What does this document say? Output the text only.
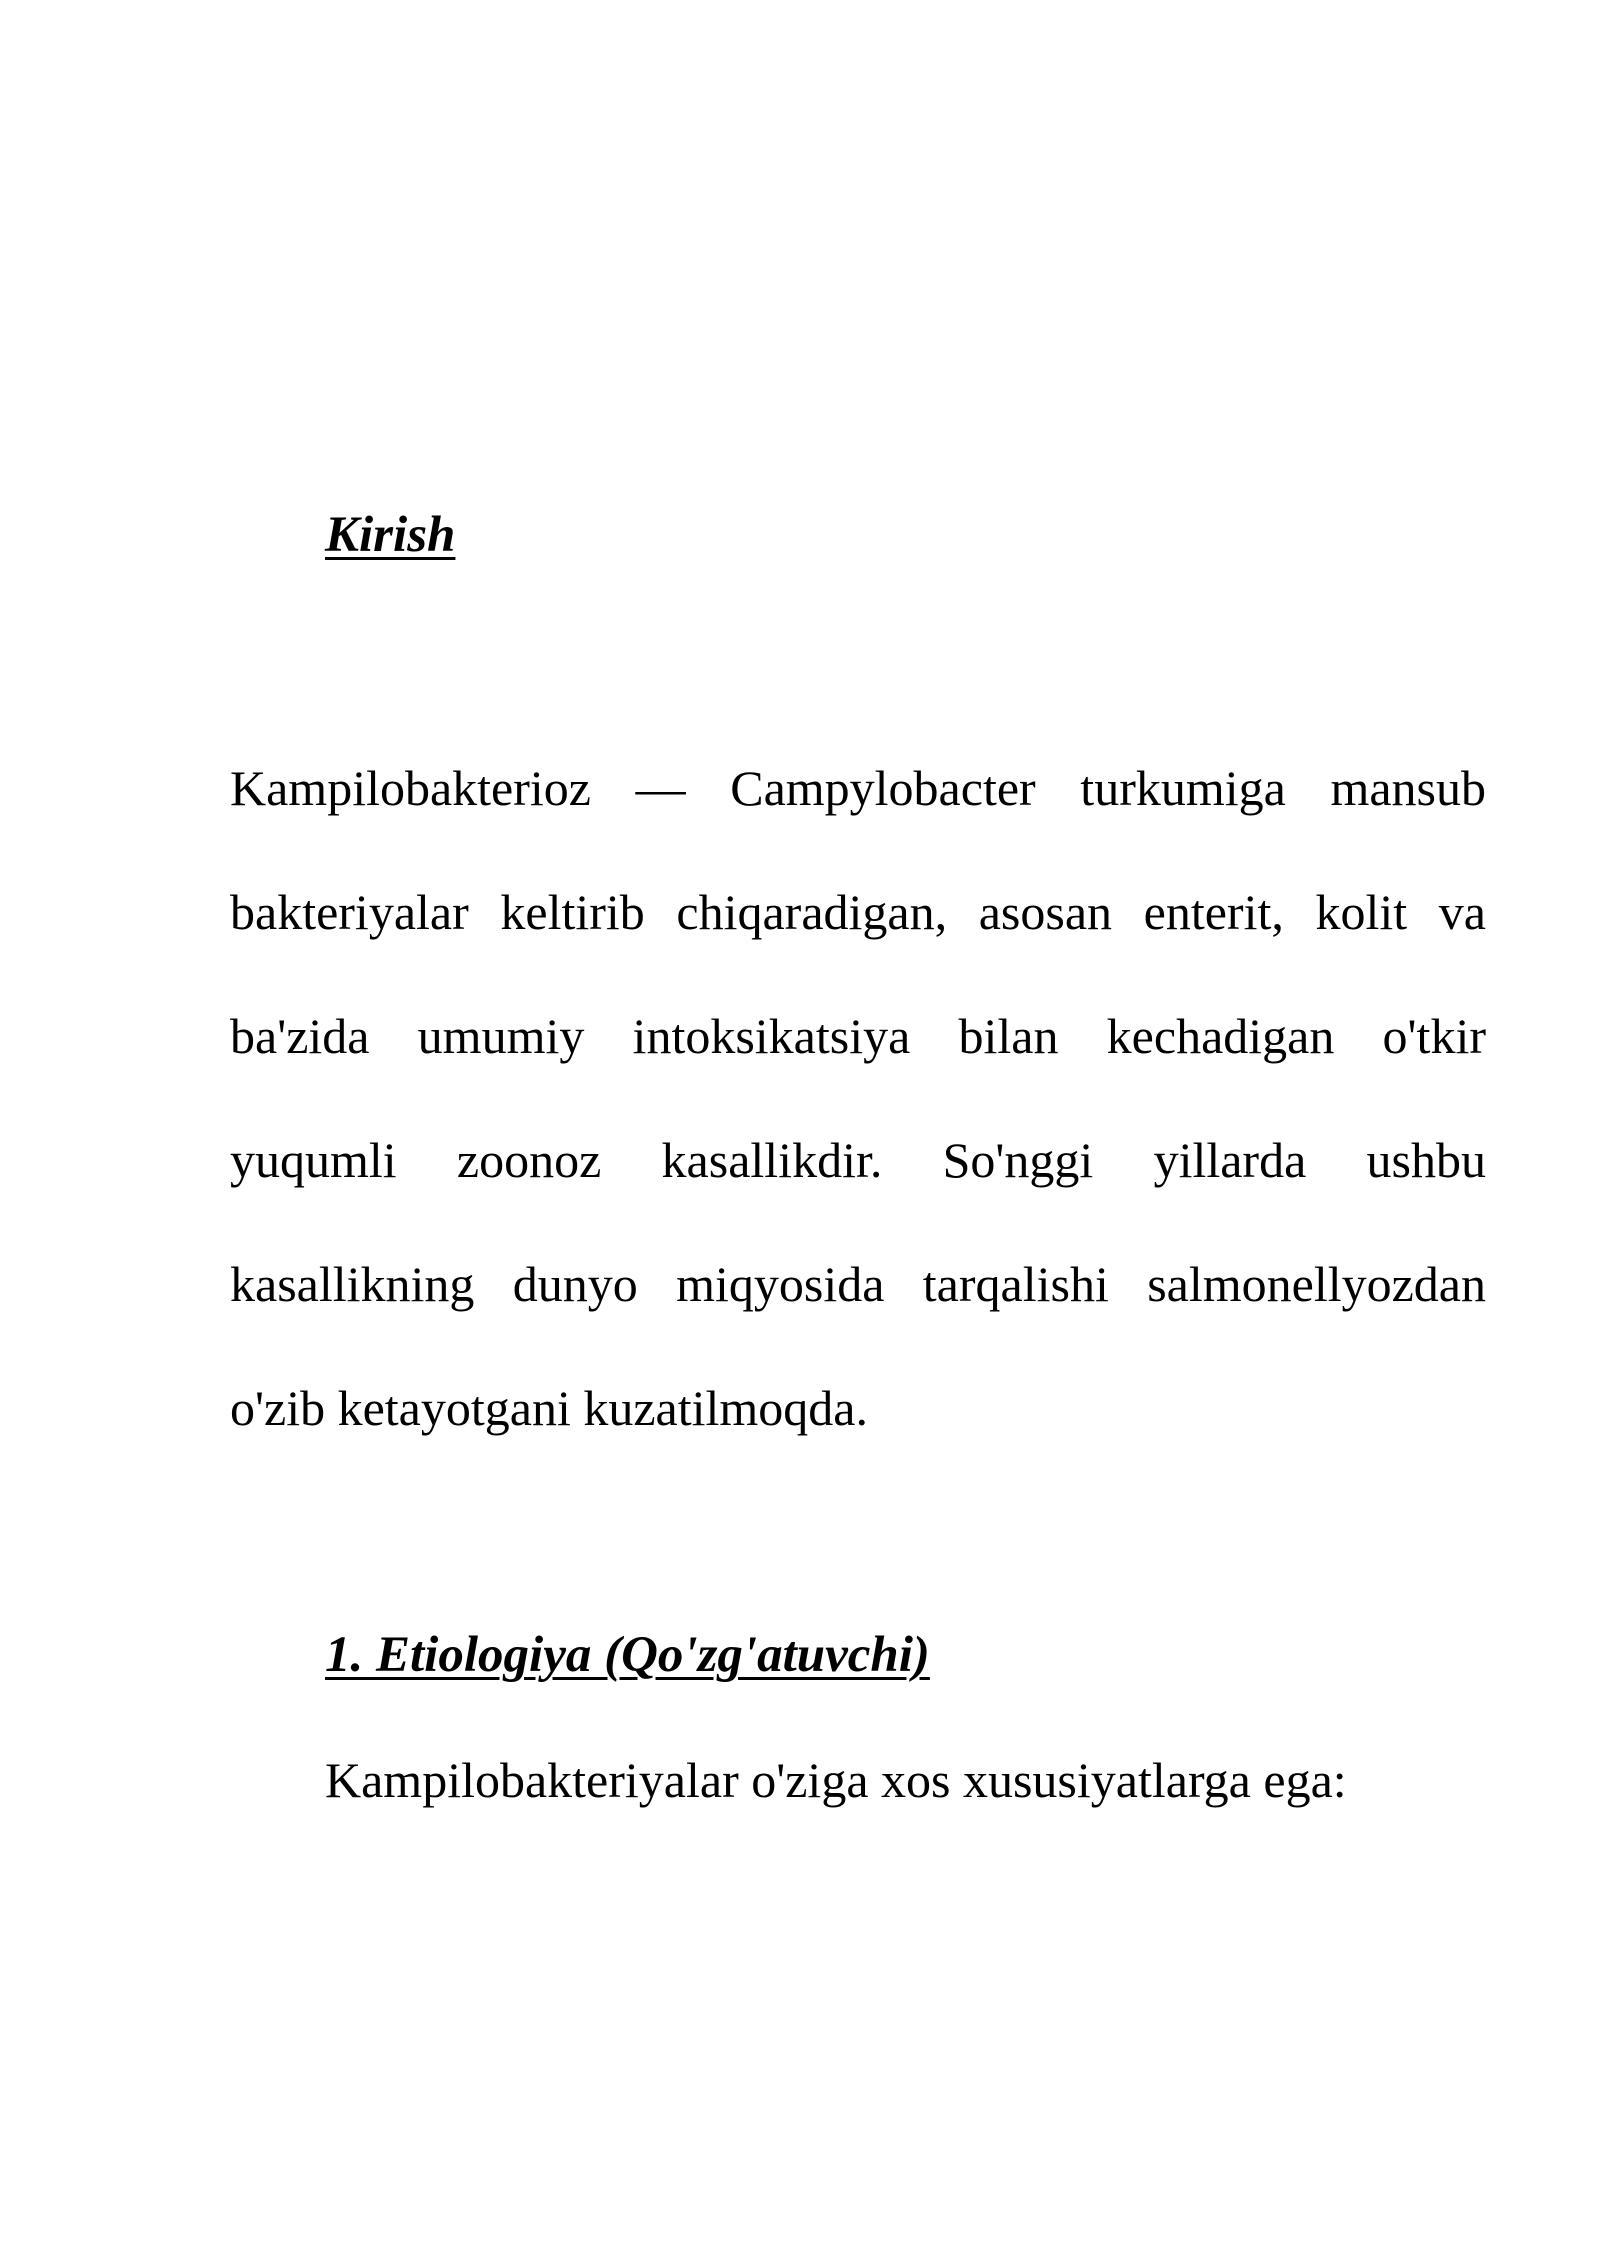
Kirish

Kampilobakterioz — Campylobacter turkumiga mansub bakteriyalar keltirib chiqaradigan, asosan enterit, kolit va ba'zida umumiy intoksikatsiya bilan kechadigan o'tkir yuqumli zoonoz kasallikdir. So'nggi yillarda ushbu kasallikning dunyo miqyosida tarqalishi salmonellyozdan o'zib ketayotgani kuzatilmoqda.

1. Etiologiya (Qo'zg'atuvchi)

Kampilobakteriyalar o'ziga xos xususiyatlarga ega:
